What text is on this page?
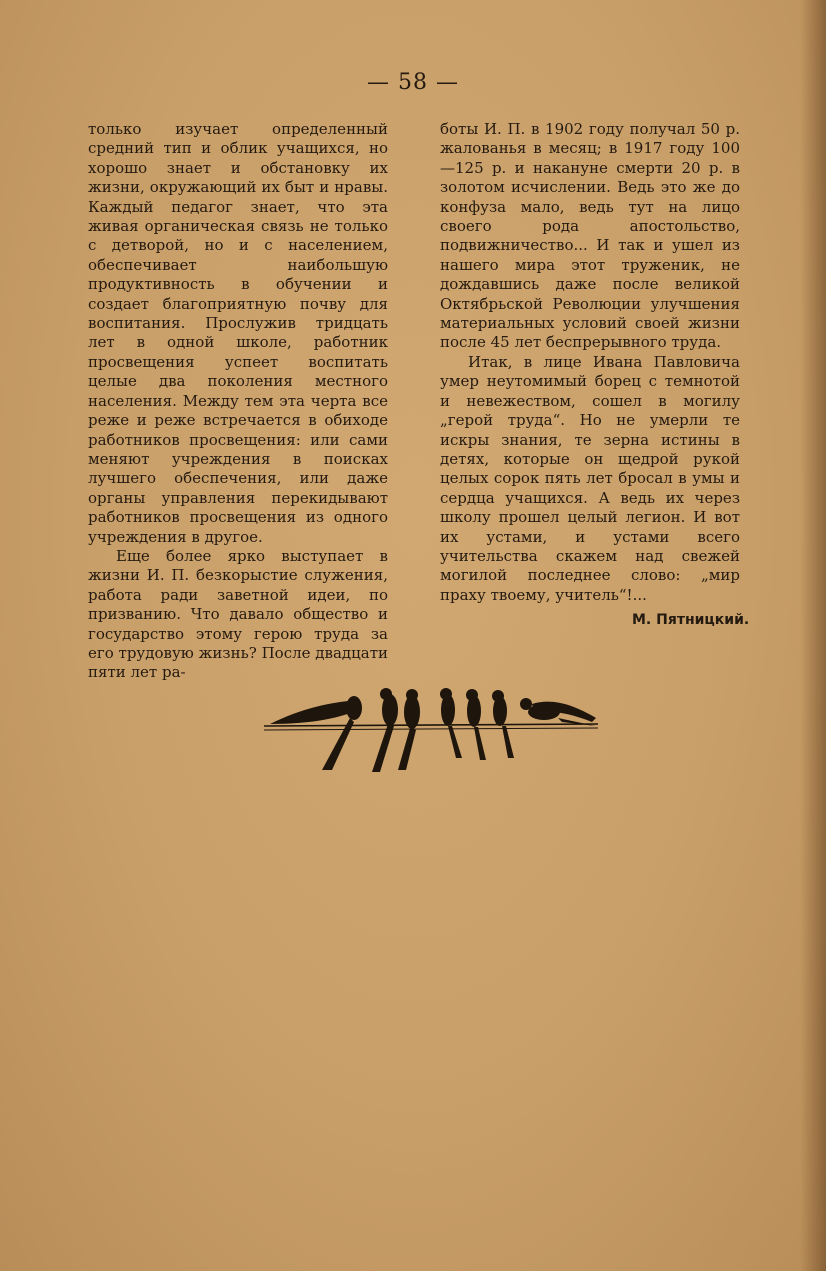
— 58 —

только изучает определенный средний тип и облик учащихся, но хорошо знает и обстановку их жизни, окружающий их быт и нравы. Каждый педагог знает, что эта живая органическая связь не только с детворой, но и с населением, обеспечивает наибольшую продуктивность в обучении и создает благоприятную почву для воспитания. Прослужив тридцать лет в одной школе, работник просвещения успеет воспитать целые два поколения местного населения. Между тем эта черта все реже и реже встречается в обиходе работников просвещения: или сами меняют учреждения в поисках лучшего обеспечения, или даже органы управления перекидывают работников просвещения из одного учреждения в другое.

Еще более ярко выступает в жизни И. П. безкорыстие служения, работа ради заветной идеи, по призванию. Что давало общество и государство этому герою труда за его трудовую жизнь? После двадцати пяти лет ра-

боты И. П. в 1902 году получал 50 р. жалованья в месяц; в 1917 году 100—125 р. и накануне смерти 20 р. в золотом исчислении. Ведь это же до конфуза мало, ведь тут на лицо своего рода апостольство, подвижничество... И так и ушел из нашего мира этот труженик, не дождавшись даже после великой Октябрьской Революции улучшения материальных условий своей жизни после 45 лет беспрерывного труда.

Итак, в лице Ивана Павловича умер неутомимый борец с темнотой и невежеством, сошел в могилу „герой труда“. Но не умерли те искры знания, те зерна истины в детях, которые он щедрой рукой целых сорок пять лет бросал в умы и сердца учащихся. А ведь их через школу прошел целый легион. И вот их устами, и устами всего учительства скажем над свежей могилой последнее слово: „мир праху твоему, учитель“!...

М. Пятницкий.
